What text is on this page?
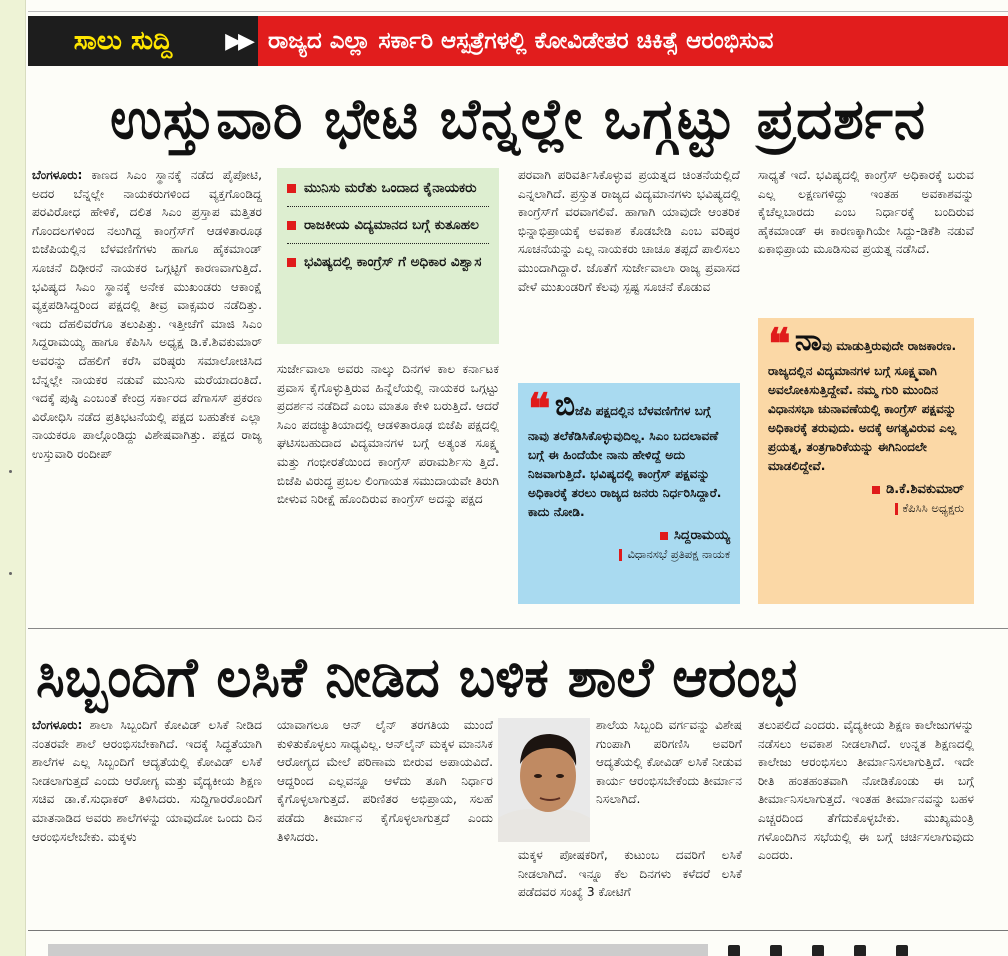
ಸಾಲು ಸುದ್ದಿ	▶▶ ರಾಜ್ಯದ ಎಲ್ಲಾ ಸರ್ಕಾರಿ ಆಸ್ಪತ್ರೆಗಳಲ್ಲಿ ಕೋವಿಡೇತರ ಚಿಕಿತ್ಸೆ ಆರಂಭಿಸುವ
ಉಸ್ತುವಾರಿ ಭೇಟಿ ಬೆನ್ನಲ್ಲೇ ಒಗ್ಗಟ್ಟು ಪ್ರದರ್ಶನ
ಬೆಂಗಳೂರು: ಕಾಣದ ಸಿಎಂ ಸ್ಥಾನಕ್ಕೆ ನಡೆದ ಪೈಪೋಟಿ, ಅದರ ಬೆನ್ನಲ್ಲೇ ನಾಯಕರುಗಳಿಂದ ವ್ಯಕ್ತಗೊಂಡಿದ್ದ ಪರವಿರೋಧ ಹೇಳಿಕೆ, ದಲಿತ ಸಿಎಂ ಪ್ರಸ್ತಾಪ ಮತ್ತಿತರ ಗೊಂದಲಗಳಿಂದ ನಲುಗಿದ್ದ ಕಾಂಗ್ರೆಸ್‌ಗೆ ಆಡಳಿತಾರೂಢ ಬಿಜೆಪಿಯಲ್ಲಿನ ಬೆಳವಣಿಗೆಗಳು ಹಾಗೂ ಹೈಕಮಾಂಡ್ ಸೂಚನೆ ದಿಢೀರನೆ ನಾಯಕರ ಒಗ್ಗಟ್ಟಿಗೆ ಕಾರಣವಾಗುತ್ತಿದೆ. ಭವಿಷ್ಯದ ಸಿಎಂ ಸ್ಥಾನಕ್ಕೆ ಅನೇಕ ಮುಖಂಡರು ಆಕಾಂಕ್ಷೆ ವ್ಯಕ್ತಪಡಿಸಿದ್ದರಿಂದ ಪಕ್ಷದಲ್ಲಿ ತೀವ್ರ ವಾಕ್ಸಮರ ನಡೆದಿತ್ತು. ಇದು ದೆಹಲಿವರೆಗೂ ತಲುಪಿತ್ತು. ಇತ್ತೀಚೆಗೆ ಮಾಜಿ ಸಿಎಂ ಸಿದ್ದರಾಮಯ್ಯ ಹಾಗೂ ಕೆಪಿಸಿಸಿ ಅಧ್ಯಕ್ಷ ಡಿ.ಕೆ.ಶಿವಕುಮಾರ್ ಅವರನ್ನು ದೆಹಲಿಗೆ ಕರೆಸಿ ವರಿಷ್ಠರು ಸಮಾಲೋಚಿಸಿದ ಬೆನ್ನಲ್ಲೇ ನಾಯಕರ ನಡುವೆ ಮುನಿಸು ಮರೆಯಾದಂತಿದೆ. ಇದಕ್ಕೆ ಪುಷ್ಠಿ ಎಂಬಂತೆ ಕೇಂದ್ರ ಸರ್ಕಾರದ ಪೆಗಾಸಸ್ ಪ್ರಕರಣ ವಿರೋಧಿಸಿ ನಡೆದ ಪ್ರತಿಭಟನೆಯಲ್ಲಿ ಪಕ್ಷದ ಬಹುತೇಕ ಎಲ್ಲಾ ನಾಯಕರೂ ಪಾಲ್ಗೊಂಡಿದ್ದು ವಿಶೇಷವಾಗಿತ್ತು. ಪಕ್ಷದ ರಾಜ್ಯ ಉಸ್ತುವಾರಿ ರಂದೀಪ್
ಮುನಿಸು ಮರೆತು ಒಂದಾದ ಕೈನಾಯಕರು
ರಾಜಕೀಯ ವಿದ್ಯಮಾನದ ಬಗ್ಗೆ ಕುತೂಹಲ
ಭವಿಷ್ಯದಲ್ಲಿ ಕಾಂಗ್ರೆಸ್ ಗೆ ಅಧಿಕಾರ ವಿಶ್ವಾಸ
ಸುರ್ಜೇವಾಲಾ ಅವರು ನಾಲ್ಕು ದಿನಗಳ ಕಾಲ ಕರ್ನಾಟಕ ಪ್ರವಾಸ ಕೈಗೊಳ್ಳುತ್ತಿರುವ ಹಿನ್ನೆಲೆಯಲ್ಲಿ ನಾಯಕರ ಒಗ್ಗಟ್ಟು ಪ್ರದರ್ಶನ ನಡೆದಿದೆ ಎಂಬ ಮಾತೂ ಕೇಳಿ ಬರುತ್ತಿದೆ. ಆದರೆ ಸಿಎಂ ಪದಚ್ಯುತಿಯಾದಲ್ಲಿ ಆಡಳಿತಾರೂಢ ಬಿಜೆಪಿ ಪಕ್ಷದಲ್ಲಿ ಘಟಿಸಬಹುದಾದ ವಿದ್ಯಮಾನಗಳ ಬಗ್ಗೆ ಅತ್ಯಂತ ಸೂಕ್ಷ್ಮ ಮತ್ತು ಗಂಭೀರತೆಯಿಂದ ಕಾಂಗ್ರೆಸ್ ಪರಾಮರ್ಶಿಸು ತ್ತಿದೆ. ಬಿಜೆಪಿ ವಿರುದ್ಧ ಪ್ರಬಲ ಲಿಂಗಾಯತ ಸಮುದಾಯವೇ ತಿರುಗಿ ಬೀಳುವ ನಿರೀಕ್ಷೆ ಹೊಂದಿರುವ ಕಾಂಗ್ರೆಸ್ ಅದನ್ನು ಪಕ್ಷದ
ಪರವಾಗಿ ಪರಿವರ್ತಿಸಿಕೊಳ್ಳುವ ಪ್ರಯತ್ನದ ಚಿಂತನೆಯಲ್ಲಿದೆ ಎನ್ನಲಾಗಿದೆ. ಪ್ರಸ್ತುತ ರಾಜ್ಯದ ವಿದ್ಯಮಾನಗಳು ಭವಿಷ್ಯದಲ್ಲಿ ಕಾಂಗ್ರೆಸ್‌ಗೆ ವರವಾಗಲಿವೆ. ಹಾಗಾಗಿ ಯಾವುದೇ ಆಂತರಿಕ ಭಿನ್ನಾಭಿಪ್ರಾಯಕ್ಕೆ ಅವಕಾಶ ಕೊಡಬೇಡಿ ಎಂಬ ವರಿಷ್ಠರ ಸೂಚನೆಯನ್ನು ಎಲ್ಲ ನಾಯಕರು ಚಾಚೂ ತಪ್ಪದೆ ಪಾಲಿಸಲು ಮುಂದಾಗಿದ್ದಾರೆ. ಜೊತೆಗೆ ಸುರ್ಜೇವಾಲಾ ರಾಜ್ಯ ಪ್ರವಾಸದ ವೇಳೆ ಮುಖಂಡರಿಗೆ ಕೆಲವು ಸ್ಪಷ್ಟ ಸೂಚನೆ ಕೊಡುವ
❝ ಬಿಜೆಪಿ ಪಕ್ಷದಲ್ಲಿನ ಬೆಳವಣಿಗೆಗಳ ಬಗ್ಗೆ ನಾವು ತಲೆಕೆಡಿಸಿಕೊಳ್ಳುವುದಿಲ್ಲ. ಸಿಎಂ ಬದಲಾವಣೆ ಬಗ್ಗೆ ಈ ಹಿಂದೆಯೇ ನಾನು ಹೇಳಿದ್ದೆ ಅದು ನಿಜವಾಗುತ್ತಿದೆ. ಭವಿಷ್ಯದಲ್ಲಿ ಕಾಂಗ್ರೆಸ್ ಪಕ್ಷವನ್ನು ಅಧಿಕಾರಕ್ಕೆ ತರಲು ರಾಜ್ಯದ ಜನರು ನಿರ್ಧರಿಸಿದ್ದಾರೆ. ಕಾದು ನೋಡಿ.
ಸಿದ್ದರಾಮಯ್ಯ
ವಿಧಾನಸಭೆ ಪ್ರತಿಪಕ್ಷ ನಾಯಕ
ಸಾಧ್ಯತೆ ಇದೆ. ಭವಿಷ್ಯದಲ್ಲಿ ಕಾಂಗ್ರೆಸ್ ಅಧಿಕಾರಕ್ಕೆ ಬರುವ ಎಲ್ಲ ಲಕ್ಷಣಗಳಿದ್ದು ಇಂತಹ ಅವಕಾಶವನ್ನು ಕೈಚೆಲ್ಲಬಾರದು ಎಂಬ ನಿರ್ಧಾರಕ್ಕೆ ಬಂದಿರುವ ಹೈಕಮಾಂಡ್ ಈ ಕಾರಣಕ್ಕಾಗಿಯೇ ಸಿದ್ದು-ಡಿಕೆಶಿ ನಡುವೆ ಏಕಾಭಿಪ್ರಾಯ ಮೂಡಿಸುವ ಪ್ರಯತ್ನ ನಡೆಸಿದೆ.
❝ ನಾವು ಮಾಡುತ್ತಿರುವುದೇ ರಾಜಕಾರಣ. ರಾಜ್ಯದಲ್ಲಿನ ವಿದ್ಯಮಾನಗಳ ಬಗ್ಗೆ ಸೂಕ್ಷ್ಮವಾಗಿ ಅವಲೋಕಿಸುತ್ತಿದ್ದೇವೆ. ನಮ್ಮ ಗುರಿ ಮುಂದಿನ ವಿಧಾನಸಭಾ ಚುನಾವಣೆಯಲ್ಲಿ ಕಾಂಗ್ರೆಸ್ ಪಕ್ಷವನ್ನು ಅಧಿಕಾರಕ್ಕೆ ತರುವುದು. ಅದಕ್ಕೆ ಅಗತ್ಯವಿರುವ ಎಲ್ಲ ಪ್ರಯತ್ನ, ತಂತ್ರಗಾರಿಕೆಯನ್ನು ಈಗಿನಿಂದಲೇ ಮಾಡಲಿದ್ದೇವೆ.
ಡಿ.ಕೆ.ಶಿವಕುಮಾರ್
ಕೆಪಿಸಿಸಿ ಅಧ್ಯಕ್ಷರು
ಸಿಬ್ಬಂದಿಗೆ ಲಸಿಕೆ ನೀಡಿದ ಬಳಿಕ ಶಾಲೆ ಆರಂಭ
ಬೆಂಗಳೂರು: ಶಾಲಾ ಸಿಬ್ಬಂದಿಗೆ ಕೋವಿಡ್ ಲಸಿಕೆ ನೀಡಿದ ನಂತರವೇ ಶಾಲೆ ಆರಂಭಿಸಬೇಕಾಗಿದೆ. ಇದಕ್ಕೆ ಸಿದ್ಧತೆಯಾಗಿ ಶಾಲೆಗಳ ಎಲ್ಲ ಸಿಬ್ಬಂದಿಗೆ ಆದ್ಯತೆಯಲ್ಲಿ ಕೋವಿಡ್ ಲಸಿಕೆ ನೀಡಲಾಗುತ್ತದೆ ಎಂದು ಆರೋಗ್ಯ ಮತ್ತು ವೈದ್ಯಕೀಯ ಶಿಕ್ಷಣ ಸಚಿವ ಡಾ.ಕೆ.ಸುಧಾಕರ್ ತಿಳಿಸಿದರು. ಸುದ್ದಿಗಾರರೊಂದಿಗೆ ಮಾತನಾಡಿದ ಅವರು ಶಾಲೆಗಳನ್ನು ಯಾವುದೋ ಒಂದು ದಿನ ಆರಂಭಿಸಲೇಬೇಕು. ಮಕ್ಕಳು
ಯಾವಾಗಲೂ ಆನ್ ಲೈನ್ ತರಗತಿಯ ಮುಂದೆ ಕುಳಿತುಕೊಳ್ಳಲು ಸಾಧ್ಯವಿಲ್ಲ. ಆನ್‌ಲೈನ್ ಮಕ್ಕಳ ಮಾನಸಿಕ ಆರೋಗ್ಯದ ಮೇಲೆ ಪರಿಣಾಮ ಬೀರುವ ಅಪಾಯವಿದೆ. ಆದ್ದರಿಂದ ಎಲ್ಲವನ್ನೂ ಆಳೆದು ತೂಗಿ ನಿರ್ಧಾರ ಕೈಗೊಳ್ಳಲಾಗುತ್ತದೆ. ಪರಿಣಿತರ ಅಭಿಪ್ರಾಯ, ಸಲಹೆ ಪಡೆದು ತೀರ್ಮಾನ ಕೈಗೊಳ್ಳಲಾಗುತ್ತದೆ ಎಂದು ತಿಳಿಸಿದರು.
ಶಾಲೆಯ ಸಿಬ್ಬಂದಿ ವರ್ಗವನ್ನು ವಿಶೇಷ ಗುಂಪಾಗಿ ಪರಿಗಣಿಸಿ ಅವರಿಗೆ ಆದ್ಯತೆಯಲ್ಲಿ ಕೋವಿಡ್ ಲಸಿಕೆ ನೀಡುವ ಕಾರ್ಯ ಆರಂಭಿಸಬೇಕೆಂದು ತೀರ್ಮಾನ ನಿಸಲಾಗಿದೆ.
ಮಕ್ಕಳ ಪೋಷಕರಿಗೆ, ಕುಟುಂಬ ದವರಿಗೆ ಲಸಿಕೆ ನೀಡಲಾಗಿದೆ. ಇನ್ನೂ ಕೆಲ ದಿನಗಳು ಕಳೆದರೆ ಲಸಿಕೆ ಪಡೆದವರ ಸಂಖ್ಯೆ 3 ಕೋಟಿಗೆ
ತಲುಪಲಿದೆ ಎಂದರು. ವೈದ್ಯಕೀಯ ಶಿಕ್ಷಣ ಕಾಲೇಜುಗಳನ್ನು ನಡೆಸಲು ಅವಕಾಶ ನೀಡಲಾಗಿದೆ. ಉನ್ನತ ಶಿಕ್ಷಣದಲ್ಲಿ ಕಾಲೇಜು ಆರಂಭಿಸಲು ತೀರ್ಮಾನಿಸಲಾಗುತ್ತಿದೆ. ಇದೇ ರೀತಿ ಹಂತಹಂತವಾಗಿ ನೋಡಿಕೊಂಡು ಈ ಬಗ್ಗೆ ತೀರ್ಮಾನಿಸಲಾಗುತ್ತದೆ. ಇಂತಹ ತೀರ್ಮಾನವನ್ನು ಬಹಳ ಎಚ್ಚರದಿಂದ ತೆಗೆದುಕೊಳ್ಳಬೇಕು. ಮುಖ್ಯಮಂತ್ರಿ ಗಳೊಂದಿಗಿನ ಸಭೆಯಲ್ಲಿ ಈ ಬಗ್ಗೆ ಚರ್ಚಿಸಲಾಗುವುದು ಎಂದರು.
